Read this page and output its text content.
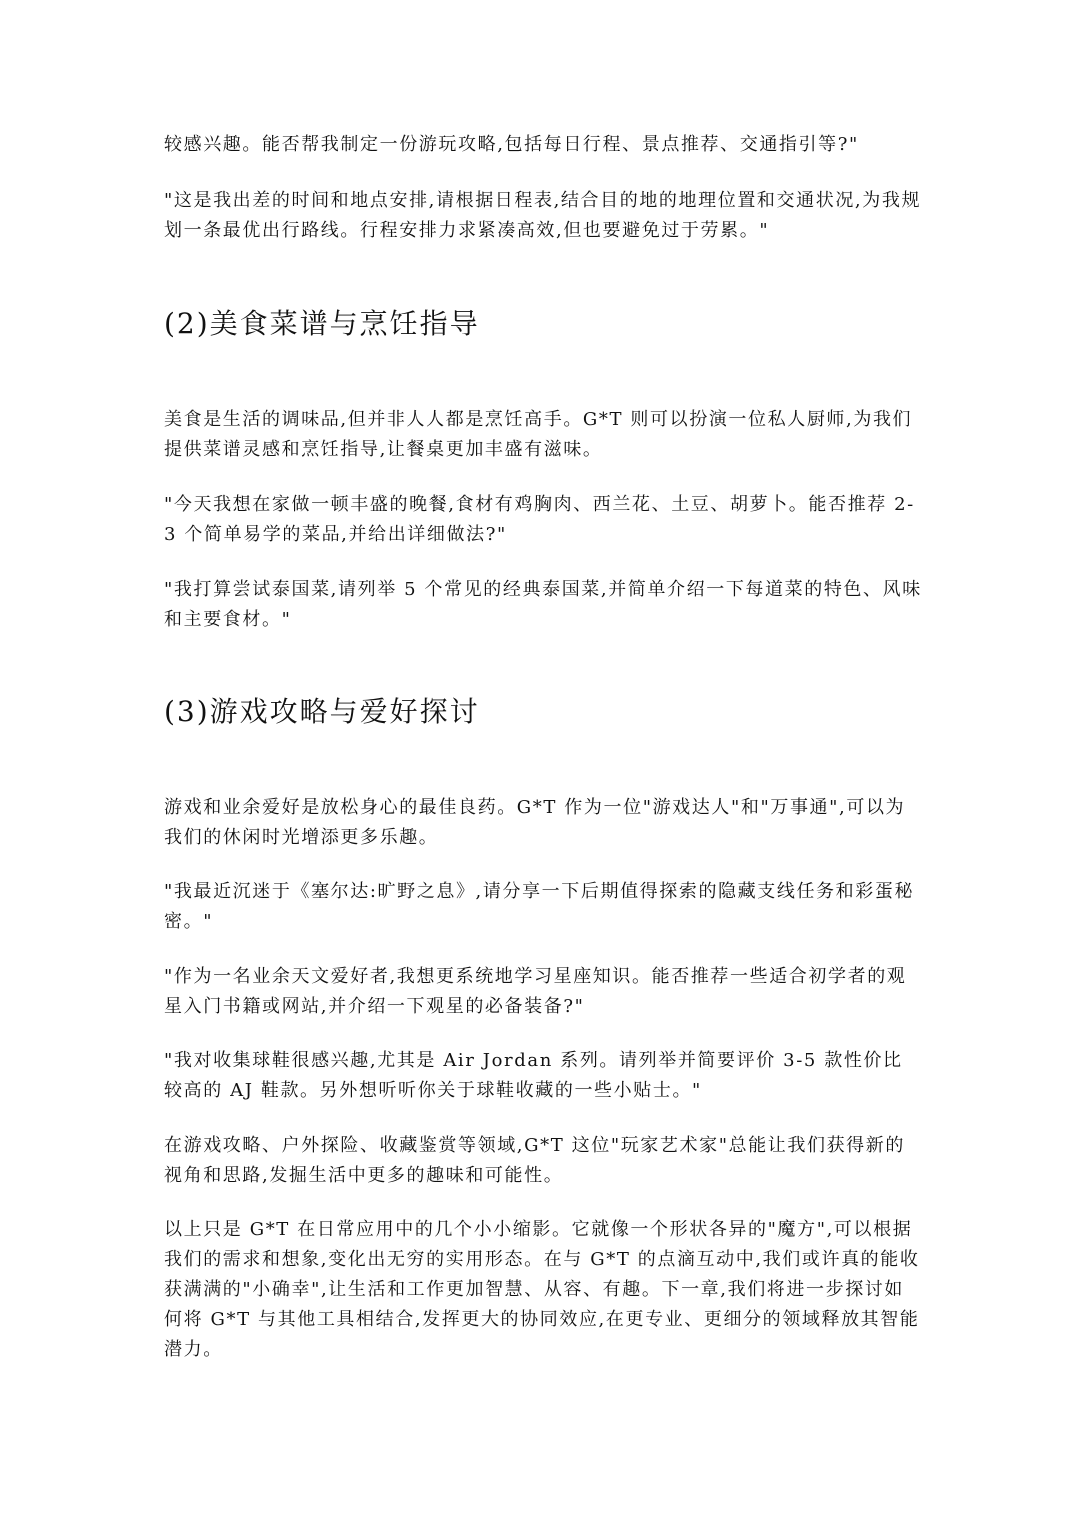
较感兴趣。能否帮我制定一份游玩攻略,包括每日行程、景点推荐、交通指引等?"

"这是我出差的时间和地点安排,请根据日程表,结合目的地的地理位置和交通状况,为我规划一条最优出行路线。行程安排力求紧凑高效,但也要避免过于劳累。"

(2)美食菜谱与烹饪指导

美食是生活的调味品,但并非人人都是烹饪高手。G*T 则可以扮演一位私人厨师,为我们提供菜谱灵感和烹饪指导,让餐桌更加丰盛有滋味。

"今天我想在家做一顿丰盛的晚餐,食材有鸡胸肉、西兰花、土豆、胡萝卜。能否推荐 2-3 个简单易学的菜品,并给出详细做法?"

"我打算尝试泰国菜,请列举 5 个常见的经典泰国菜,并简单介绍一下每道菜的特色、风味和主要食材。"

(3)游戏攻略与爱好探讨

游戏和业余爱好是放松身心的最佳良药。G*T 作为一位"游戏达人"和"万事通",可以为我们的休闲时光增添更多乐趣。

"我最近沉迷于《塞尔达:旷野之息》,请分享一下后期值得探索的隐藏支线任务和彩蛋秘密。"

"作为一名业余天文爱好者,我想更系统地学习星座知识。能否推荐一些适合初学者的观星入门书籍或网站,并介绍一下观星的必备装备?"

"我对收集球鞋很感兴趣,尤其是 Air Jordan 系列。请列举并简要评价 3-5 款性价比较高的 AJ 鞋款。另外想听听你关于球鞋收藏的一些小贴士。"

在游戏攻略、户外探险、收藏鉴赏等领域,G*T 这位"玩家艺术家"总能让我们获得新的视角和思路,发掘生活中更多的趣味和可能性。

以上只是 G*T 在日常应用中的几个小小缩影。它就像一个形状各异的"魔方",可以根据我们的需求和想象,变化出无穷的实用形态。在与 G*T 的点滴互动中,我们或许真的能收获满满的"小确幸",让生活和工作更加智慧、从容、有趣。下一章,我们将进一步探讨如何将 G*T 与其他工具相结合,发挥更大的协同效应,在更专业、更细分的领域释放其智能潜力。
